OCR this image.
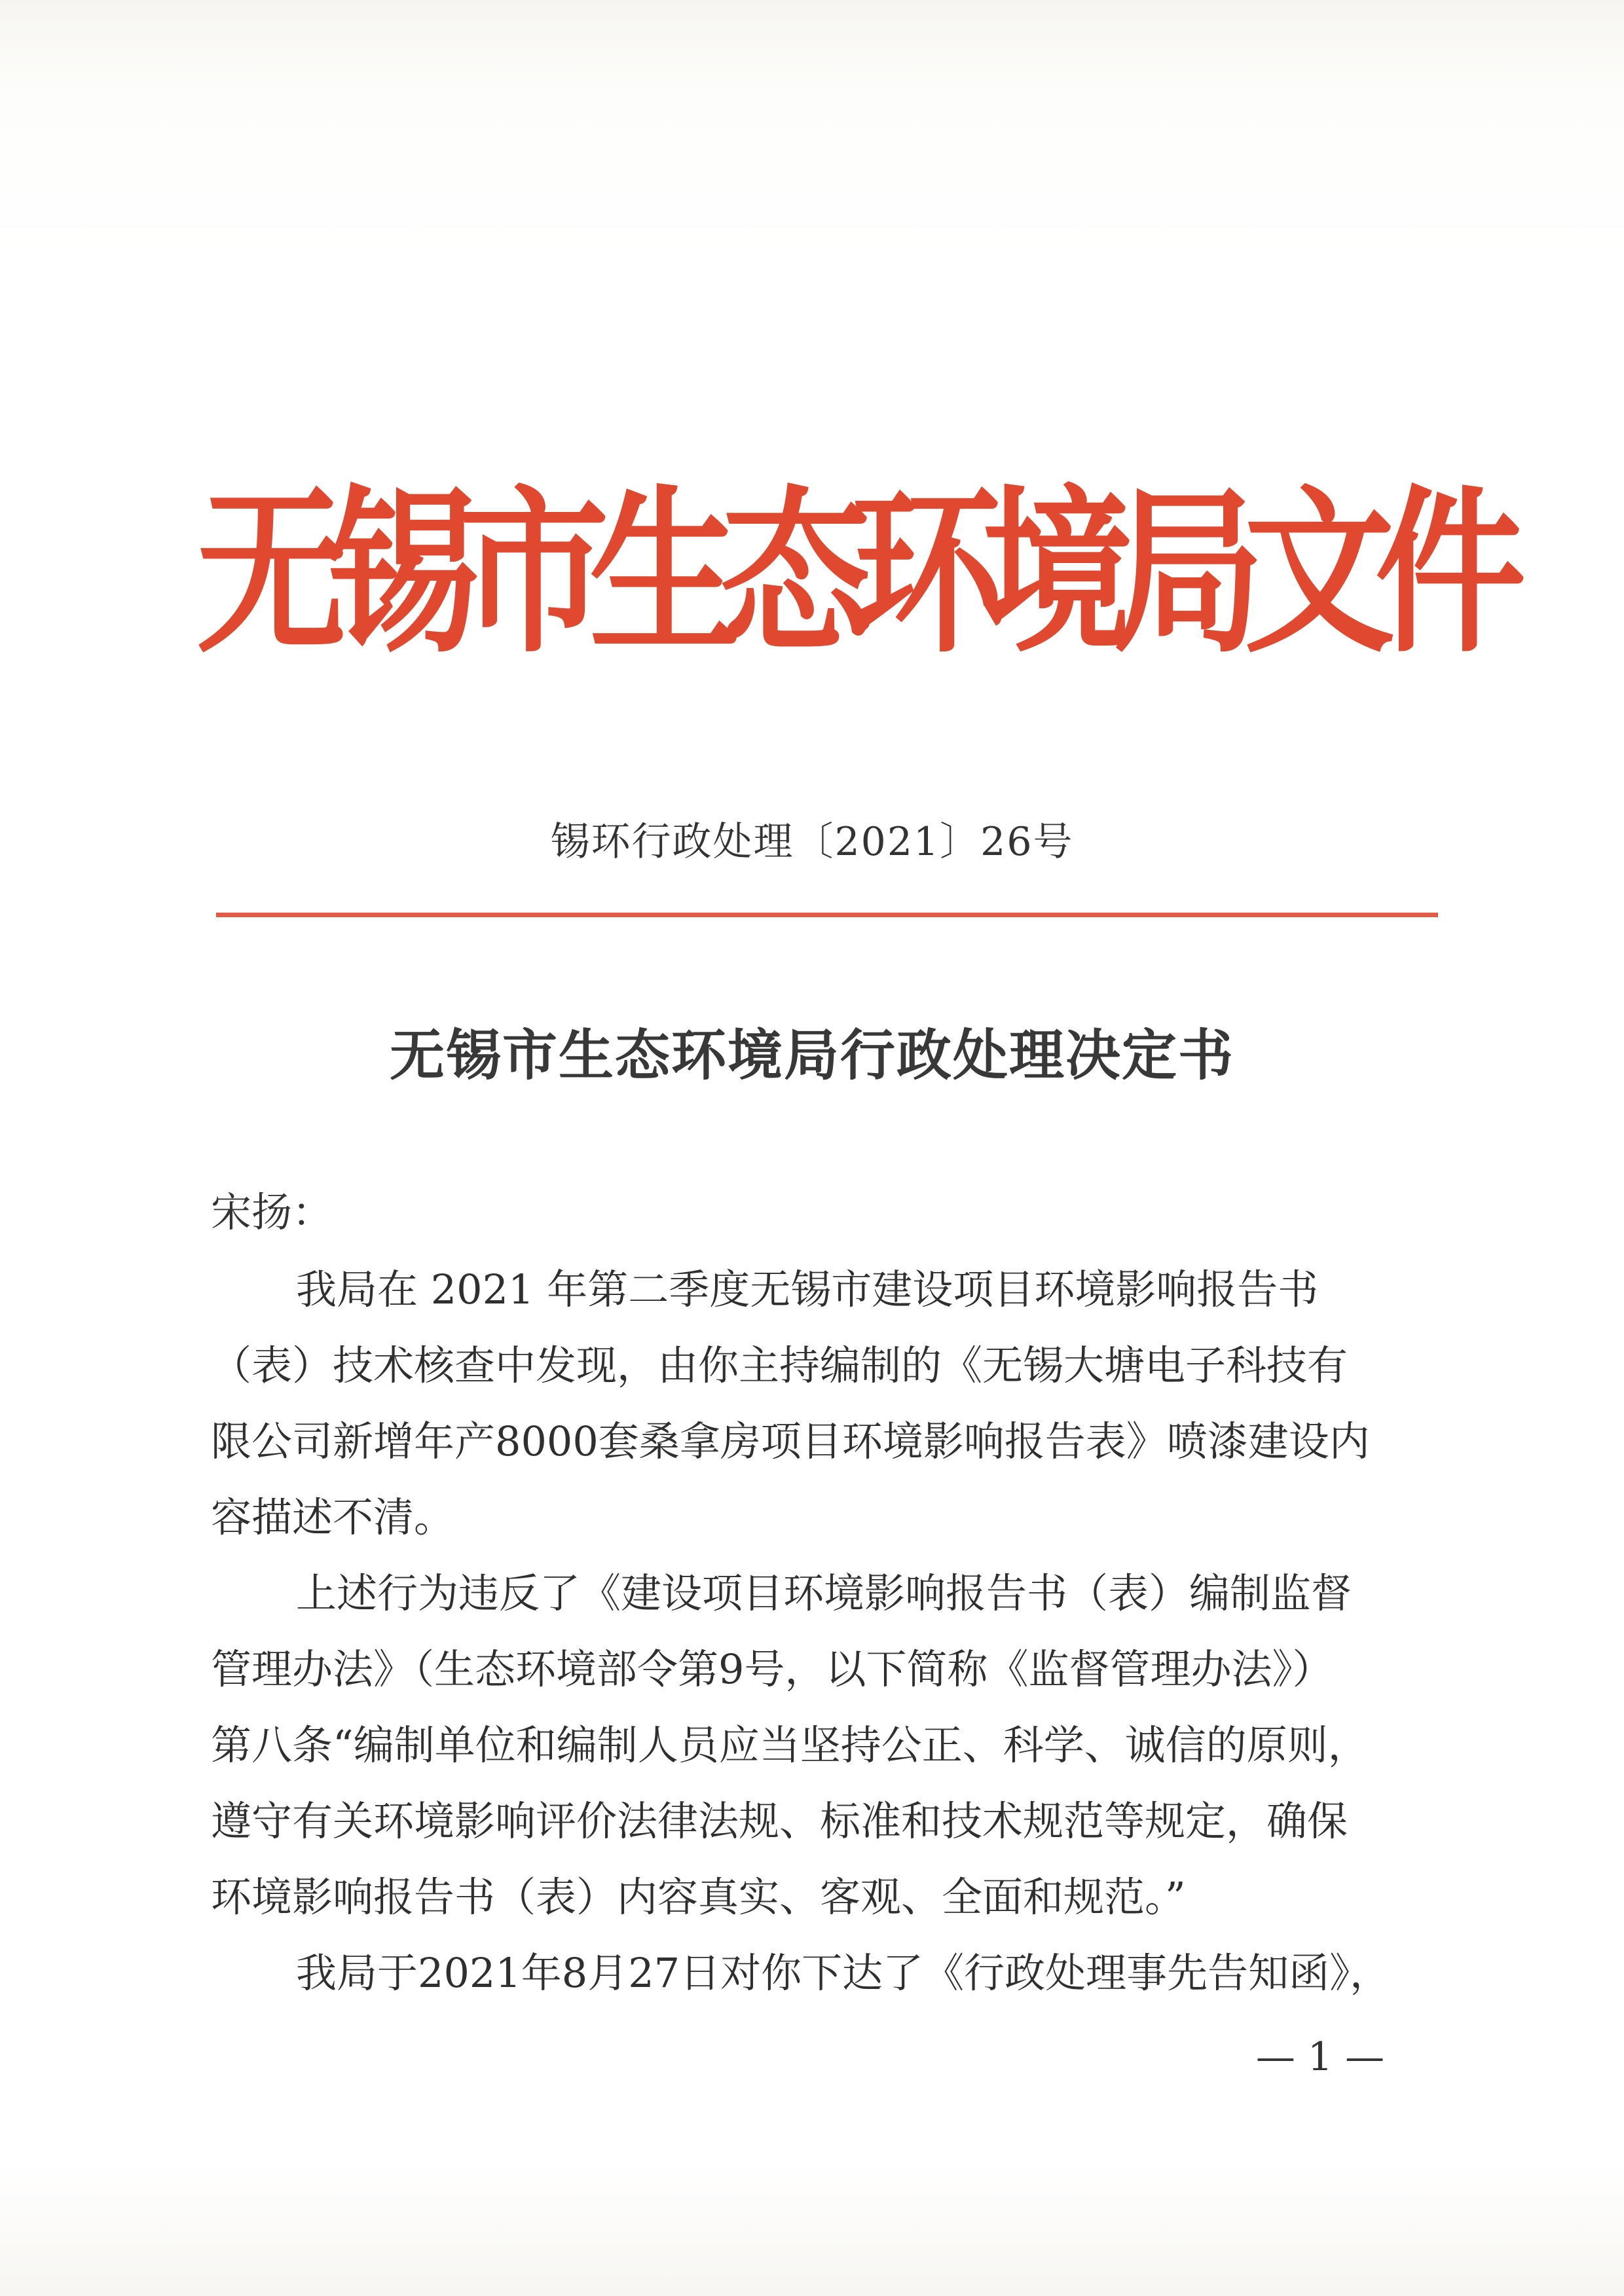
无
锡
市
生
态
环
境
局
文
件
锡环行政处理〔2021〕26号
无锡市生态环境局行政处理决定书
宋扬：
我局在 2021 年第二季度无锡市建设项目环境影响报告书
（表）技术核查中发现，由你主持编制的《无锡大塘电子科技有
限公司新增年产8000套桑拿房项目环境影响报告表》喷漆建设内
容描述不清。
上述行为违反了《建设项目环境影响报告书（表）编制监督
管理办法》（生态环境部令第9号，以下简称《监督管理办法》）
第八条“编制单位和编制人员应当坚持公正、科学、诚信的原则，
遵守有关环境影响评价法律法规、标准和技术规范等规定，确保
环境影响报告书（表）内容真实、客观、全面和规范。”
我局于2021年8月27日对你下达了《行政处理事先告知函》，
— 1 —
